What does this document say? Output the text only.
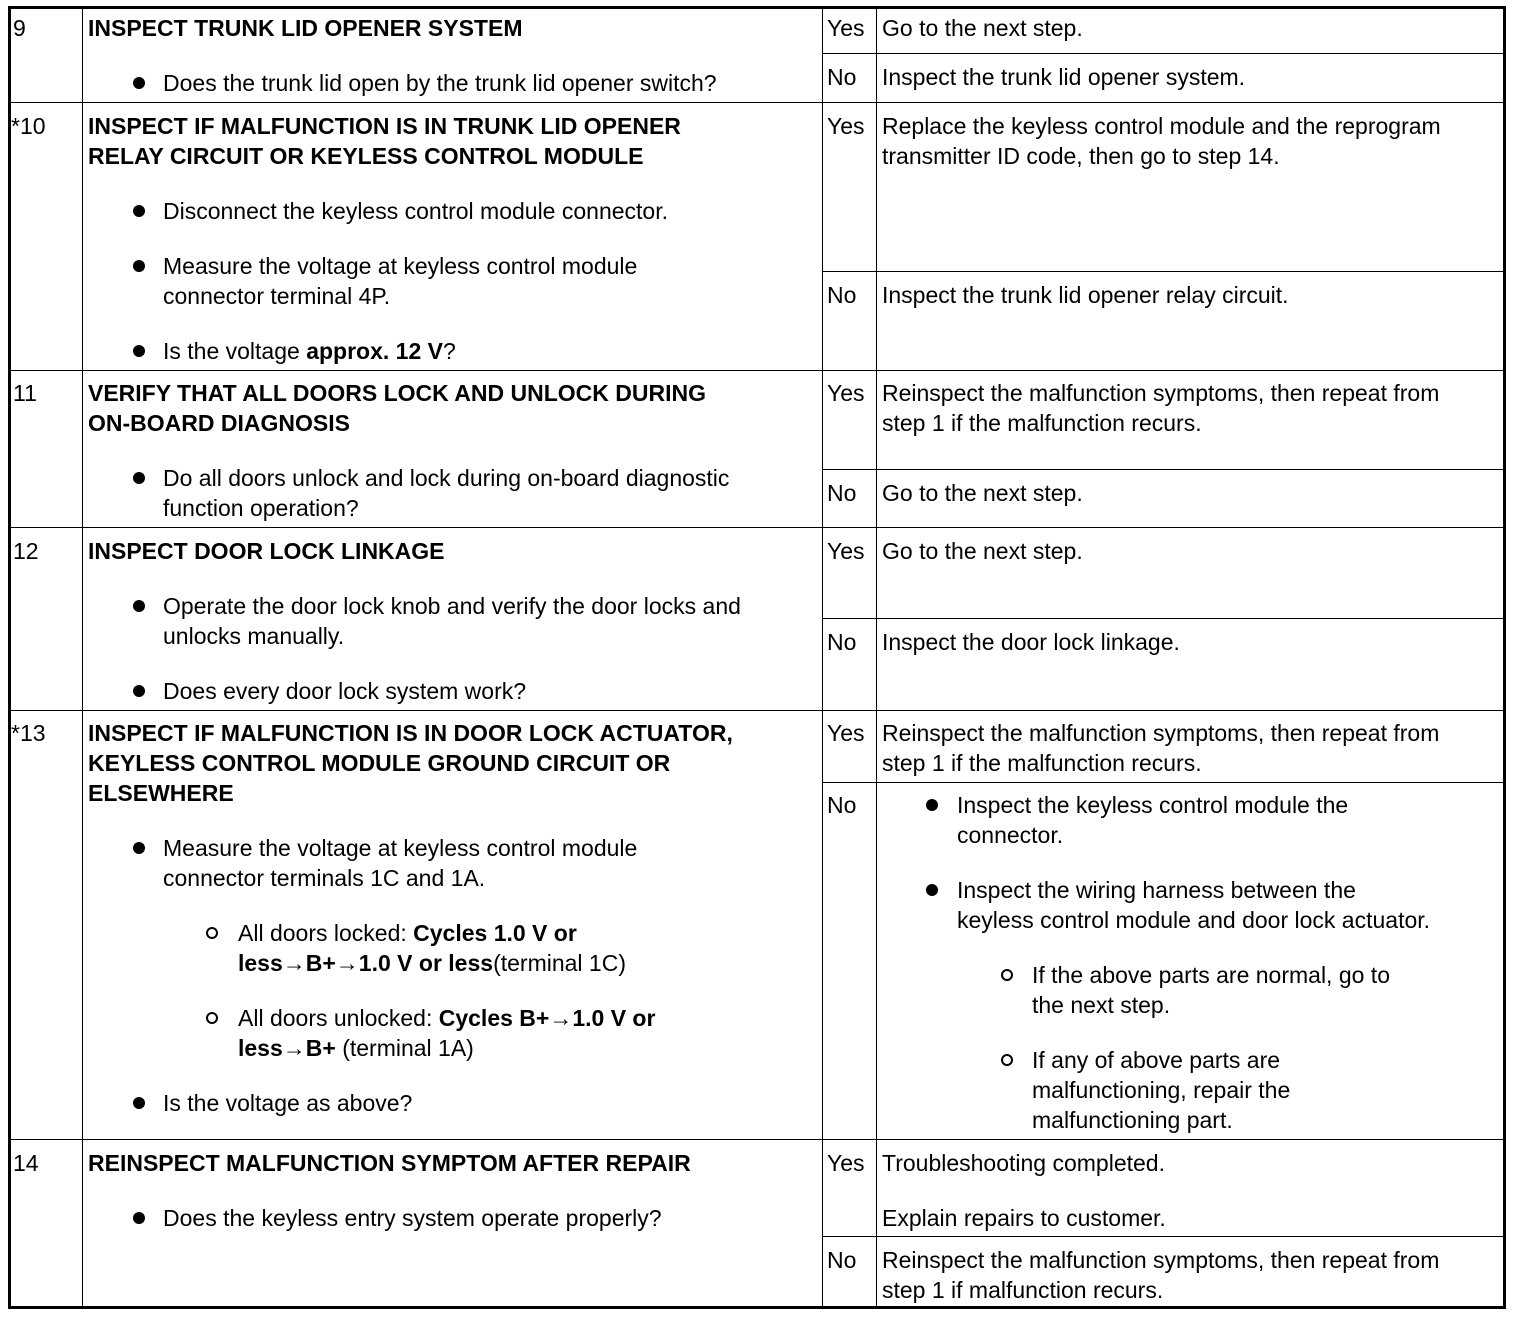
9	INSPECT TRUNK LID OPENER SYSTEM
Does the trunk lid open by the trunk lid opener switch?
Yes Go to the next step.
No Inspect the trunk lid opener system.
*10 INSPECT IF MALFUNCTION IS IN TRUNK LID OPENER
RELAY CIRCUIT OR KEYLESS CONTROL MODULE
Disconnect the keyless control module connector.
Measure the voltage at keyless control module
connector terminal 4P.
Is the voltage approx. 12 V?
Yes Replace the keyless control module and the reprogram
transmitter ID code, then go to step 14.
No Inspect the trunk lid opener relay circuit.
11 VERIFY THAT ALL DOORS LOCK AND UNLOCK DURING
ON-BOARD DIAGNOSIS
Do all doors unlock and lock during on-board diagnostic
function operation?
Yes Reinspect the malfunction symptoms, then repeat from
step 1 if the malfunction recurs.
No Go to the next step.
12 INSPECT DOOR LOCK LINKAGE
Operate the door lock knob and verify the door locks and
unlocks manually.
Does every door lock system work?
Yes Go to the next step.
No Inspect the door lock linkage.
*13 INSPECT IF MALFUNCTION IS IN DOOR LOCK ACTUATOR,
KEYLESS CONTROL MODULE GROUND CIRCUIT OR
ELSEWHERE
Measure the voltage at keyless control module
connector terminals 1C and 1A.
All doors locked: Cycles 1.0 V or
less→B+→1.0 V or less(terminal 1C)
All doors unlocked: Cycles B+→1.0 V or
less→B+ (terminal 1A)
Is the voltage as above?
Yes Reinspect the malfunction symptoms, then repeat from
step 1 if the malfunction recurs.
No	Inspect the keyless control module the
connector.
Inspect the wiring harness between the
keyless control module and door lock actuator.
If the above parts are normal, go to
the next step.
If any of above parts are
malfunctioning, repair the
malfunctioning part.
14 REINSPECT MALFUNCTION SYMPTOM AFTER REPAIR
Does the keyless entry system operate properly?
Yes Troubleshooting completed.
Explain repairs to customer.
No Reinspect the malfunction symptoms, then repeat from
step 1 if malfunction recurs.
